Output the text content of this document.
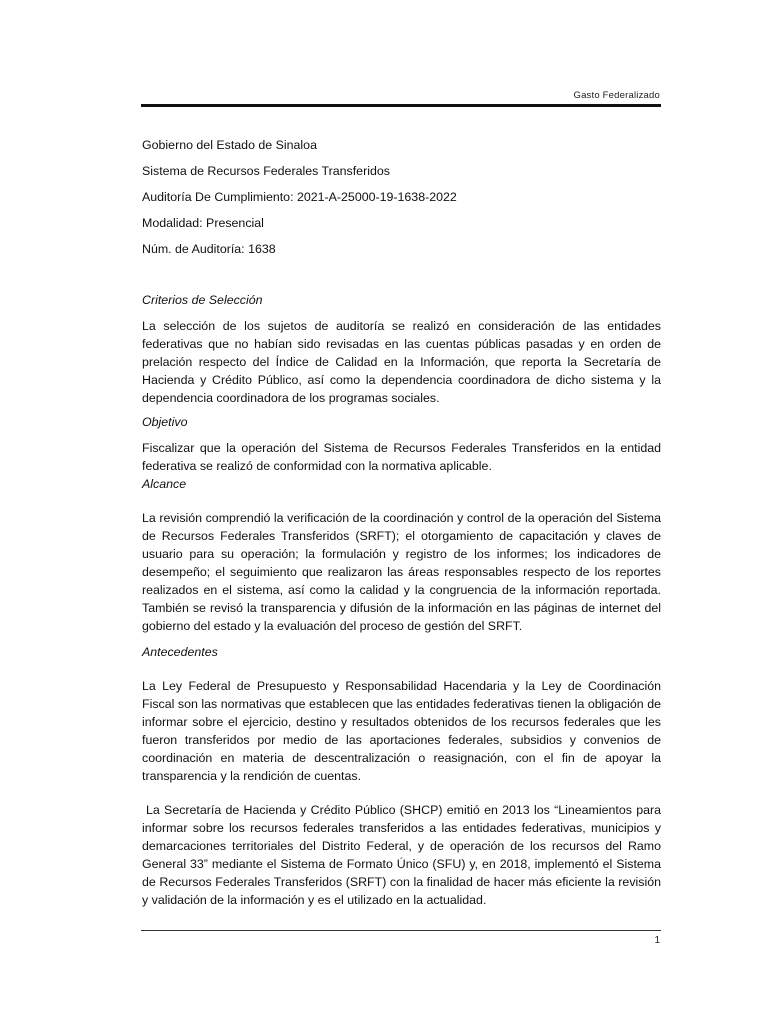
Gasto Federalizado

Gobierno del Estado de Sinaloa

Sistema de Recursos Federales Transferidos

Auditoría De Cumplimiento: 2021-A-25000-19-1638-2022

Modalidad: Presencial

Núm. de Auditoría: 1638

Criterios de Selección

La selección de los sujetos de auditoría se realizó en consideración de las entidades federativas que no habían sido revisadas en las cuentas públicas pasadas y en orden de prelación respecto del Índice de Calidad en la Información, que reporta la Secretaría de Hacienda y Crédito Público, así como la dependencia coordinadora de dicho sistema y la dependencia coordinadora de los programas sociales.

Objetivo

Fiscalizar que la operación del Sistema de Recursos Federales Transferidos en la entidad federativa se realizó de conformidad con la normativa aplicable.

Alcance

La revisión comprendió la verificación de la coordinación y control de la operación del Sistema de Recursos Federales Transferidos (SRFT); el otorgamiento de capacitación y claves de usuario para su operación; la formulación y registro de los informes; los indicadores de desempeño; el seguimiento que realizaron las áreas responsables respecto de los reportes realizados en el sistema, así como la calidad y la congruencia de la información reportada. También se revisó la transparencia y difusión de la información en las páginas de internet del gobierno del estado y la evaluación del proceso de gestión del SRFT.

Antecedentes

La Ley Federal de Presupuesto y Responsabilidad Hacendaria y la Ley de Coordinación Fiscal son las normativas que establecen que las entidades federativas tienen la obligación de informar sobre el ejercicio, destino y resultados obtenidos de los recursos federales que les fueron transferidos por medio de las aportaciones federales, subsidios y convenios de coordinación en materia de descentralización o reasignación, con el fin de apoyar la transparencia y la rendición de cuentas.

La Secretaría de Hacienda y Crédito Público (SHCP) emitió en 2013 los “Lineamientos para informar sobre los recursos federales transferidos a las entidades federativas, municipios y demarcaciones territoriales del Distrito Federal, y de operación de los recursos del Ramo General 33” mediante el Sistema de Formato Único (SFU) y, en 2018, implementó el Sistema de Recursos Federales Transferidos (SRFT) con la finalidad de hacer más eficiente la revisión y validación de la información y es el utilizado en la actualidad.

1
